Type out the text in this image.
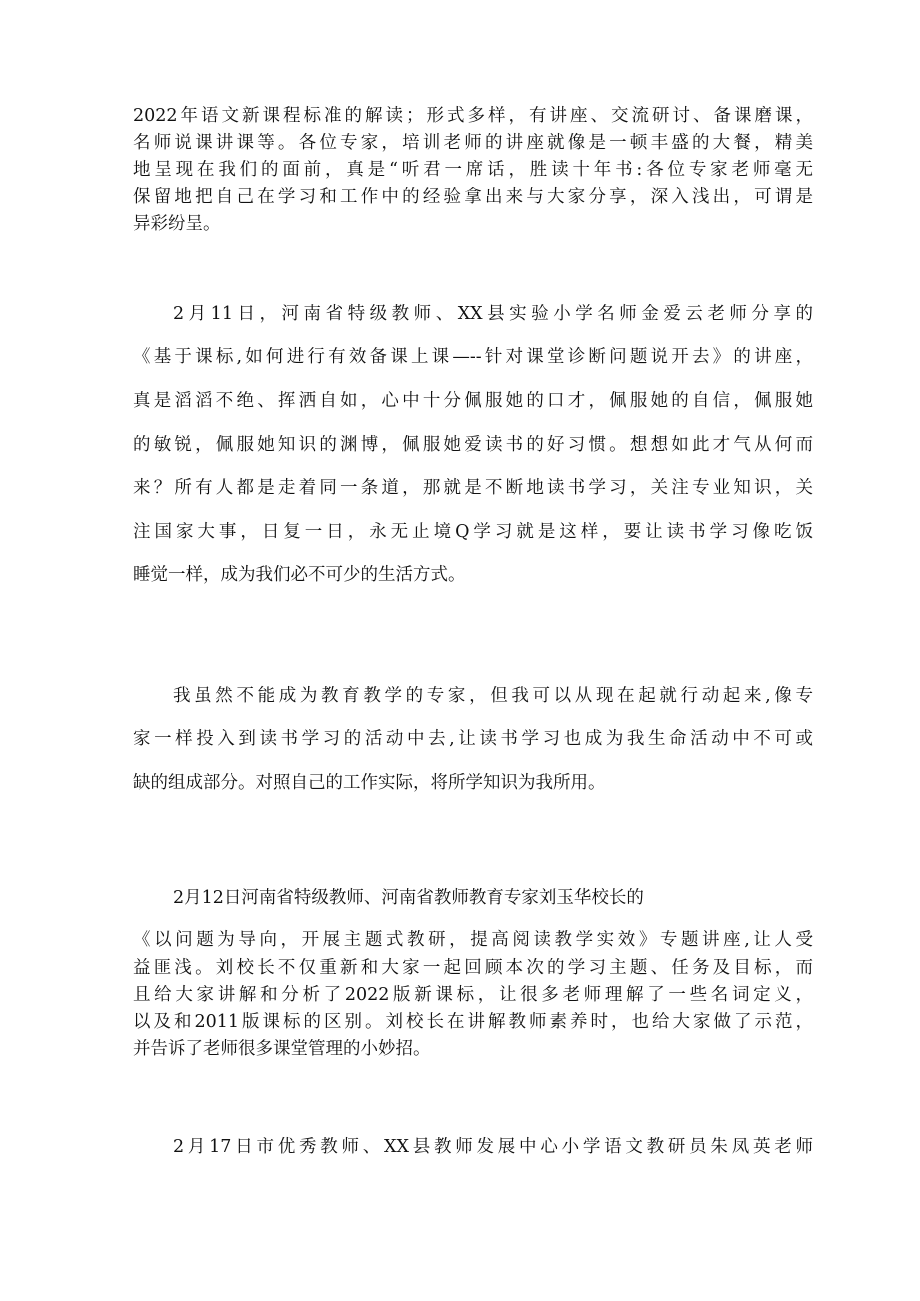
2022年语文新课程标准的解读；形式多样，有讲座、交流研讨、备课磨课，
名师说课讲课等。各位专家，培训老师的讲座就像是一顿丰盛的大餐，精美
地呈现在我们的面前，真是“听君一席话，胜读十年书:各位专家老师毫无
保留地把自己在学习和工作中的经验拿出来与大家分享，深入浅出，可谓是
异彩纷呈。
2月11日，河南省特级教师、XX县实验小学名师金爱云老师分享的
《基于课标,如何进行有效备课上课—--针对课堂诊断问题说开去》的讲座，
真是滔滔不绝、挥洒自如，心中十分佩服她的口才，佩服她的自信，佩服她
的敏锐，佩服她知识的渊博，佩服她爱读书的好习惯。想想如此才气从何而
来？所有人都是走着同一条道，那就是不断地读书学习，关注专业知识，关
注国家大事，日复一日，永无止境Q学习就是这样，要让读书学习像吃饭
睡觉一样，成为我们必不可少的生活方式。
我虽然不能成为教育教学的专家，但我可以从现在起就行动起来,像专
家一样投入到读书学习的活动中去,让读书学习也成为我生命活动中不可或
缺的组成部分。对照自己的工作实际，将所学知识为我所用。
2月12日河南省特级教师、河南省教师教育专家刘玉华校长的
《以问题为导向，开展主题式教研，提高阅读教学实效》专题讲座,让人受
益匪浅。刘校长不仅重新和大家一起回顾本次的学习主题、任务及目标，而
且给大家讲解和分析了2022版新课标，让很多老师理解了一些名词定义，
以及和2011版课标的区别。刘校长在讲解教师素养时，也给大家做了示范，
并告诉了老师很多课堂管理的小妙招。
2月17日市优秀教师、XX县教师发展中心小学语文教研员朱凤英老师
